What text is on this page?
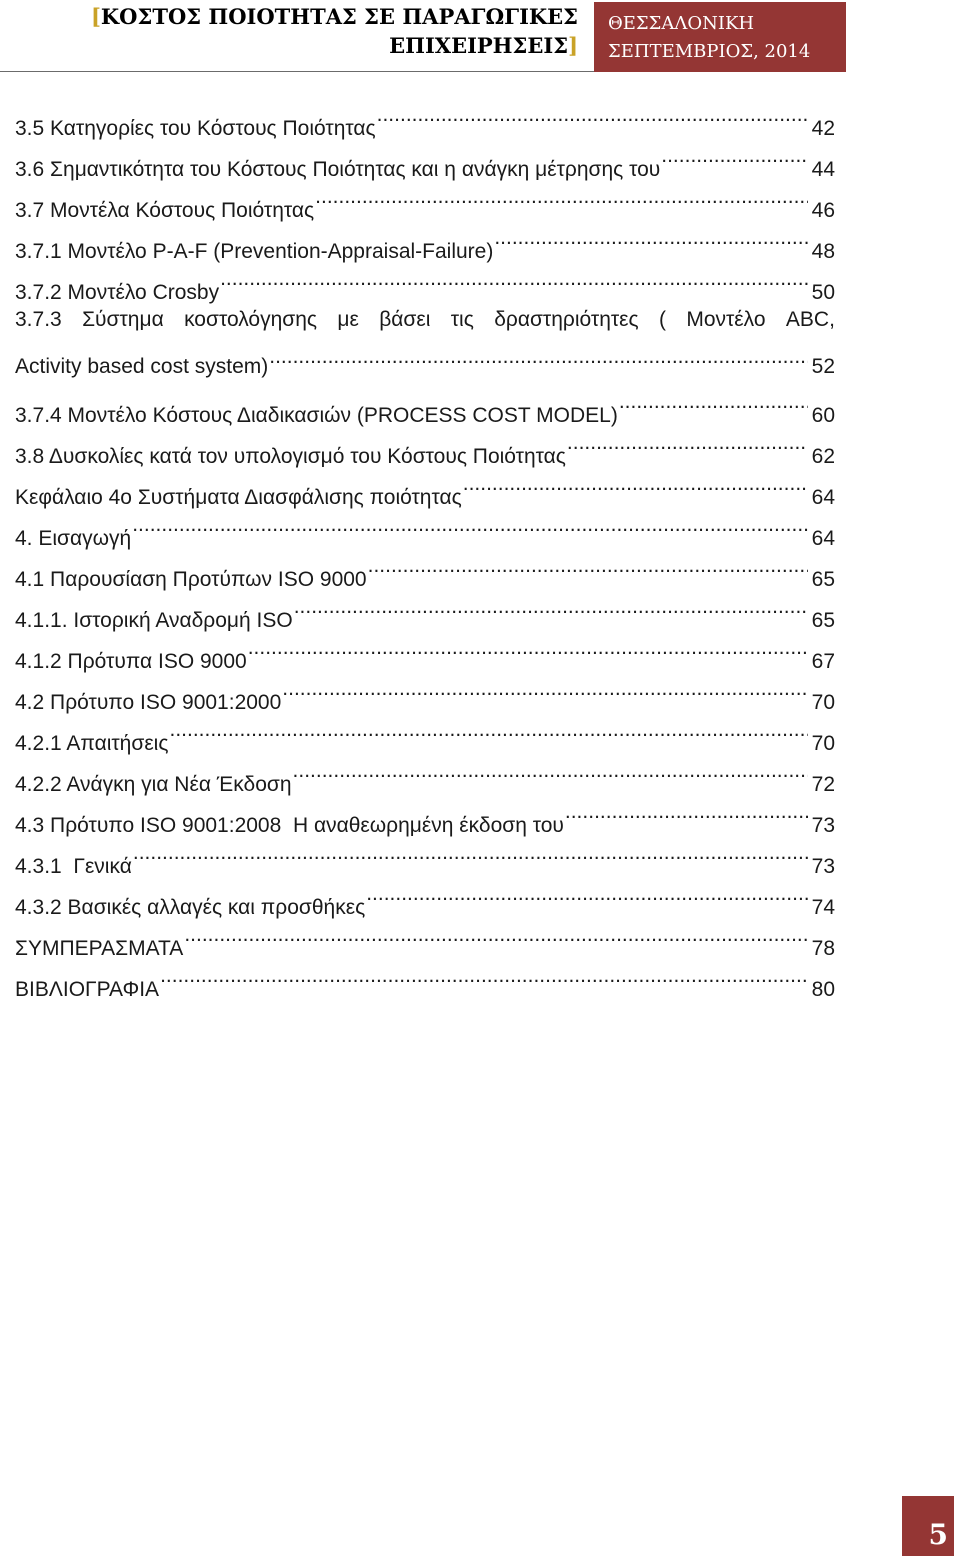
[ΚΟΣΤΟΣ ΠΟΙΟΤΗΤΑΣ ΣΕ ΠΑΡΑΓΩΓΙΚΕΣ
ΕΠΙΧΕΙΡΗΣΕΙΣ]
ΘΕΣΣΑΛΟΝΙΚΗ
ΣΕΠΤΕΜΒΡΙΟΣ, 2014
3.5 Κατηγορίες του Κόστους Ποιότητας .....	42
3.6 Σημαντικότητα του Κόστους Ποιότητας και η ανάγκη μέτρησης του .....	44
3.7 Μοντέλα Κόστους Ποιότητας .....	46
3.7.1 Μοντέλο P-A-F (Prevention-Appraisal-Failure) .....	48
3.7.2 Μοντέλο Crosby .....	50
3.7.3 Σύστημα κοστολόγησης με βάσει τις δραστηριότητες ( Μοντέλο ABC,
Activity based cost system) .....	52
3.7.4 Μοντέλο Κόστους Διαδικασιών (PROCESS COST MODEL) .....	60
3.8 Δυσκολίες κατά τον υπολογισμό του Κόστους Ποιότητας .....	62
Κεφάλαιο 4ο Συστήματα Διασφάλισης ποιότητας .....	64
4. Εισαγωγή .....	64
4.1 Παρουσίαση Προτύπων ISO 9000 .....	65
4.1.1. Ιστορική Αναδρομή ISO .....	65
4.1.2 Πρότυπα ISO 9000 .....	67
4.2 Πρότυπο ISO 9001:2000 .....	70
4.2.1 Απαιτήσεις .....	70
4.2.2 Ανάγκη για Νέα Έκδοση .....	72
4.3 Πρότυπο ISO 9001:2008  Η αναθεωρημένη έκδοση του .....	73
4.3.1  Γενικά .....	73
4.3.2 Βασικές αλλαγές και προσθήκες .....	74
ΣΥΜΠΕΡΑΣΜΑΤΑ .....	78
ΒΙΒΛΙΟΓΡΑΦΙΑ .....	80
5
